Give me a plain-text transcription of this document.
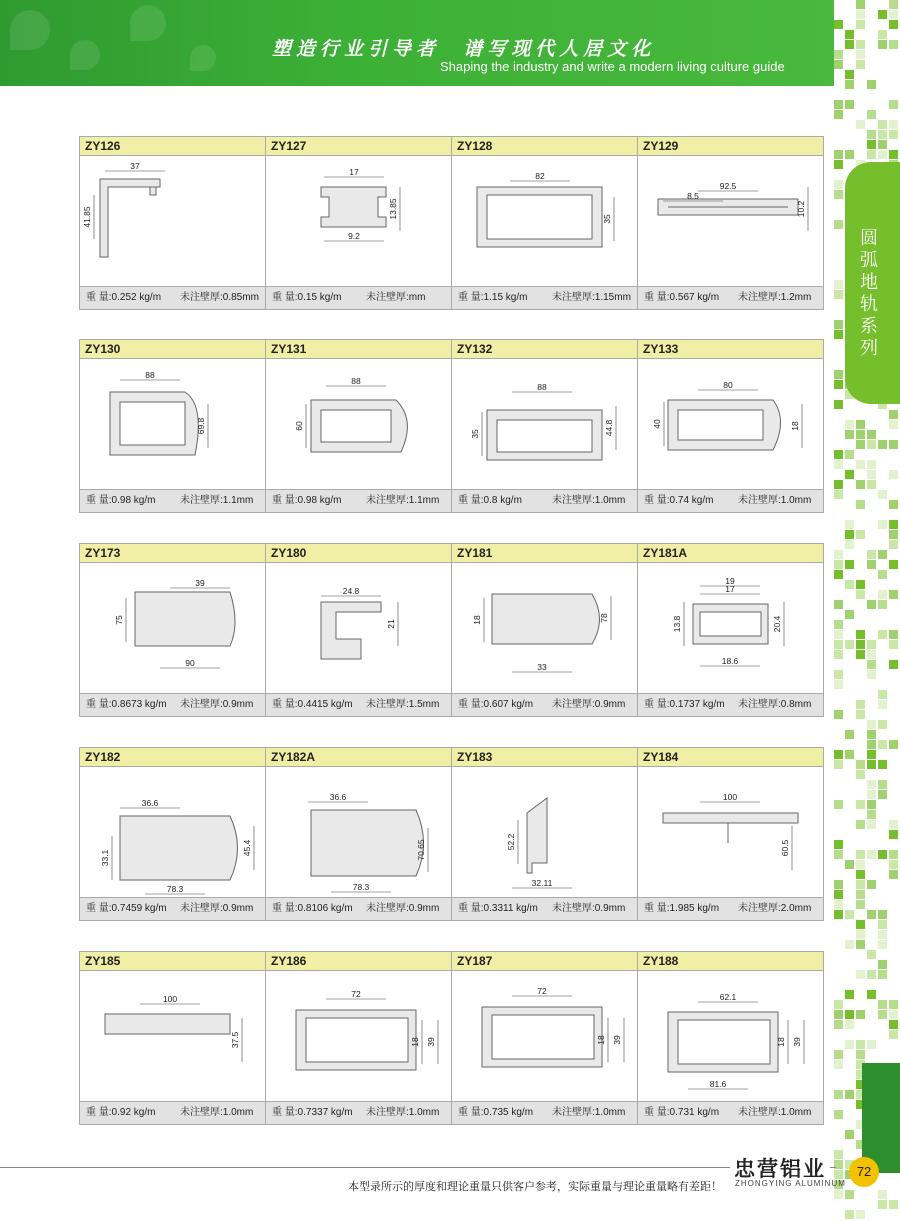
塑造行业引导者  谱写现代人居文化
Shaping the industry and write a modern living culture guide
圆弧地轨系列
ZY126
37
41.85
重 量:0.252 kg/m 未注壁厚:0.85mm
ZY127
17
13.85
9.2
重 量:0.15 kg/m 未注壁厚:mm
ZY128
82
35
重 量:1.15 kg/m 未注壁厚:1.15mm
ZY129
92.5
8.5
10.2
重 量:0.567 kg/m 未注壁厚:1.2mm
ZY130
88
69.8
重 量:0.98 kg/m 未注壁厚:1.1mm
ZY131
88
60
重 量:0.98 kg/m 未注壁厚:1.1mm
ZY132
88
35	44.8
重 量:0.8 kg/m	未注壁厚:1.0mm
ZY133
80
40	18
重 量:0.74 kg/m 未注壁厚:1.0mm
ZY173
39
75
90
重 量:0.8673 kg/m 未注壁厚:0.9mm
ZY180
24.8
21
重 量:0.4415 kg/m 未注壁厚:1.5mm
ZY181
33
18	78
重 量:0.607 kg/m 未注壁厚:0.9mm
ZY181A
19
17
13.8	20.4
18.6
重 量:0.1737 kg/m 未注壁厚:0.8mm
ZY182
36.6
33.1
45.4
78.3
重 量:0.7459 kg/m 未注壁厚:0.9mm
ZY182A
36.6
70.65
78.3
重 量:0.8106 kg/m 未注壁厚:0.9mm
ZY183
52.2
32.11
重 量:0.3311 kg/m 未注壁厚:0.9mm
ZY184
100
60.5
重 量:1.985 kg/m 未注壁厚:2.0mm
ZY185
100
37.5
重 量:0.92 kg/m 未注壁厚:1.0mm
ZY186
72
18 39
重 量:0.7337 kg/m 未注壁厚:1.0mm
ZY187
72
18 39
重 量:0.735 kg/m 未注壁厚:1.0mm
ZY188
62.1
18 39
81.6
重 量:0.731 kg/m 未注壁厚:1.0mm
本型录所示的厚度和理论重量只供客户参考，实际重量与理论重量略有差距！
忠营铝业
ZHONGYING ALUMINUM
72
